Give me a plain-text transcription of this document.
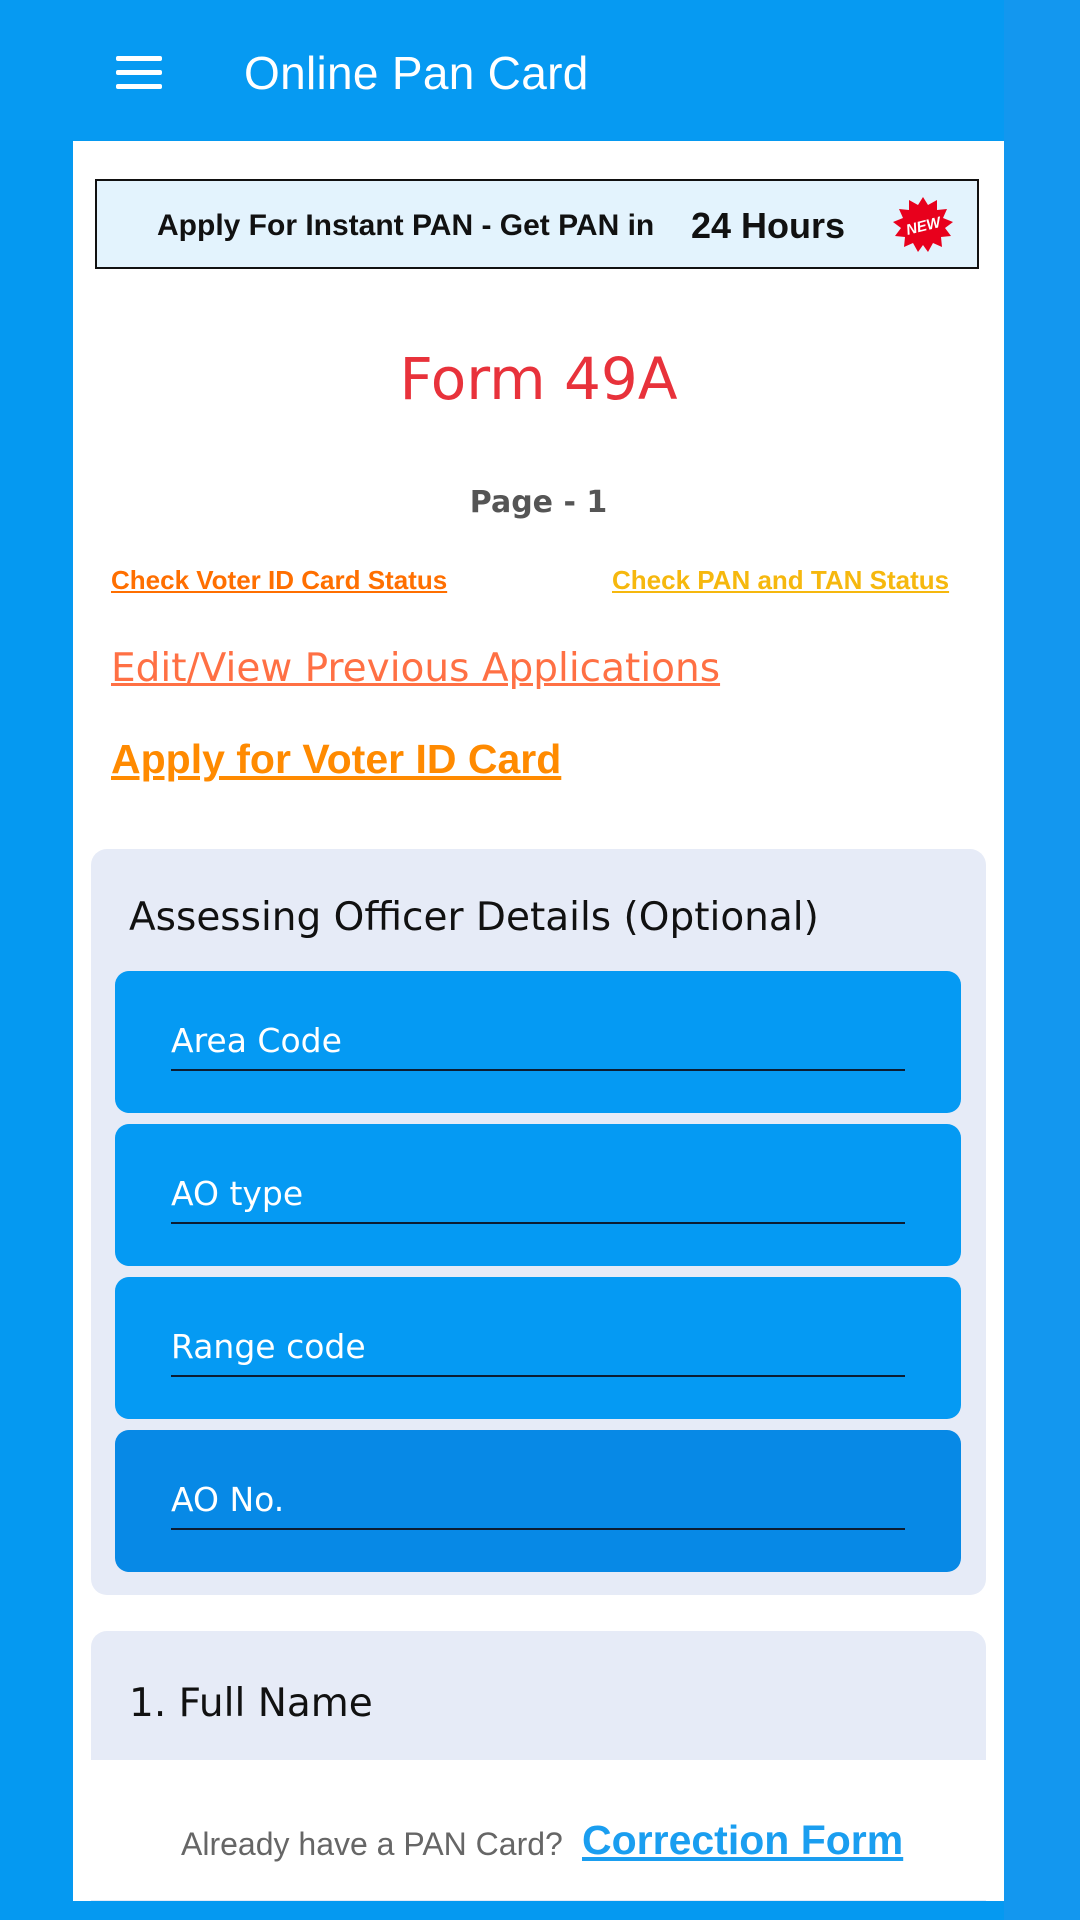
Online Pan Card
Apply For Instant PAN - Get PAN in 24 Hours	NEW
Form 49A
Page - 1
Check Voter ID Card Status	Check PAN and TAN Status
Edit/View Previous Applications
Apply for Voter ID Card
Assessing Officer Details (Optional)
Area Code
AO type
Range code
AO No.
1. Full Name
Already have a PAN Card? Correction Form
